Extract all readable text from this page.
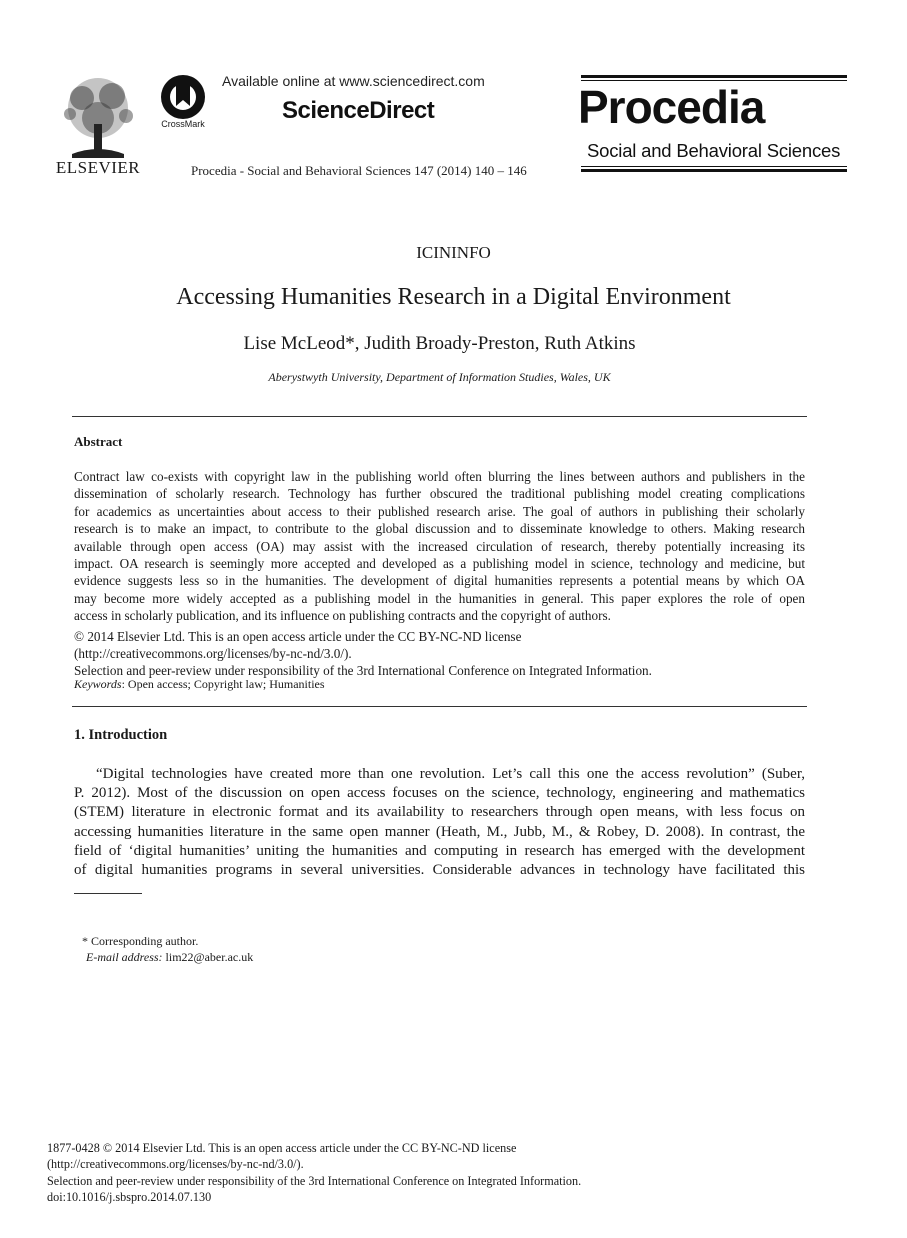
ELSEVIER
CrossMark
Available online at www.sciencedirect.com
ScienceDirect
Procedia - Social and Behavioral Sciences 147 (2014) 140 – 146
Procedia
Social and Behavioral Sciences
ICININFO
Accessing Humanities Research in a Digital Environment
Lise McLeod*, Judith Broady-Preston, Ruth Atkins
Aberystwyth University, Department of Information Studies, Wales, UK
Abstract
Contract law co-exists with copyright law in the publishing world often blurring the lines between authors and publishers in the
dissemination of scholarly research. Technology has further obscured the traditional publishing model creating complications
for academics as uncertainties about access to their published research arise. The goal of authors in publishing their scholarly
research is to make an impact, to contribute to the global discussion and to disseminate knowledge to others. Making research
available through open access (OA) may assist with the increased circulation of research, thereby potentially increasing its
impact. OA research is seemingly more accepted and developed as a publishing model in science, technology and medicine, but
evidence suggests less so in the humanities. The development of digital humanities represents a potential means by which OA
may become more widely accepted as a publishing model in the humanities in general. This paper explores the role of open
access in scholarly publication, and its influence on publishing contracts and the copyright of authors.
© 2014 Elsevier Ltd. This is an open access article under the CC BY-NC-ND license
(http://creativecommons.org/licenses/by-nc-nd/3.0/).
Selection and peer-review under responsibility of the 3rd International Conference on Integrated Information.
Keywords: Open access; Copyright law; Humanities
1. Introduction
“Digital technologies have created more than one revolution. Let’s call this one the access revolution” (Suber,
P. 2012). Most of the discussion on open access focuses on the science, technology, engineering and mathematics
(STEM) literature in electronic format and its availability to researchers through open means, with less focus on
accessing humanities literature in the same open manner (Heath, M., Jubb, M., & Robey, D. 2008). In contrast, the
field of ‘digital humanities’ uniting the humanities and computing in research has emerged with the development
of digital humanities programs in several universities. Considerable advances in technology have facilitated this
* Corresponding author.
E-mail address: lim22@aber.ac.uk
1877-0428 © 2014 Elsevier Ltd. This is an open access article under the CC BY-NC-ND license
(http://creativecommons.org/licenses/by-nc-nd/3.0/).
Selection and peer-review under responsibility of the 3rd International Conference on Integrated Information.
doi:10.1016/j.sbspro.2014.07.130
